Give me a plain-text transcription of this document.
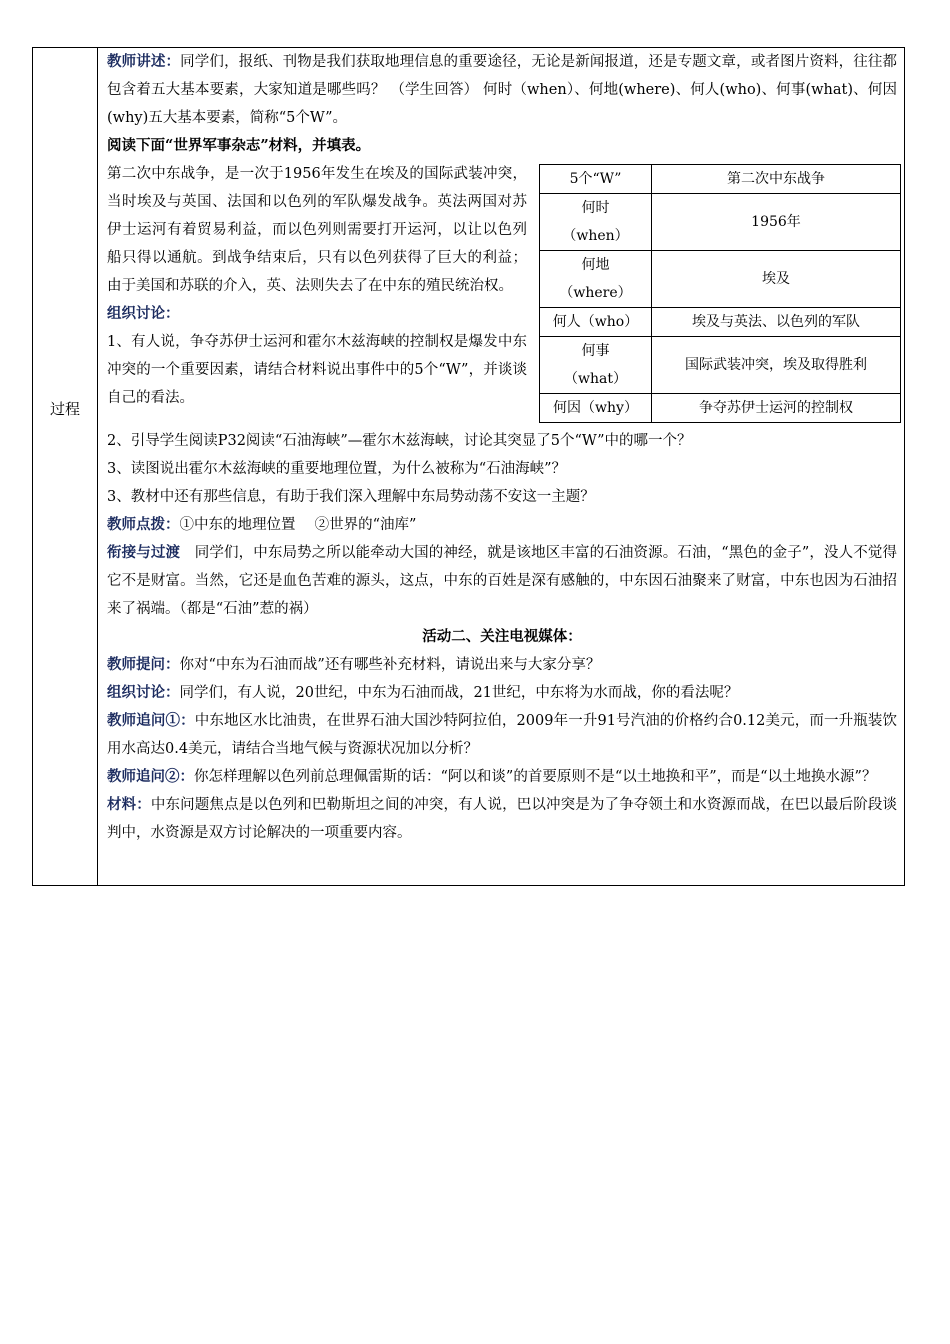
过程

教师讲述：同学们，报纸、刊物是我们获取地理信息的重要途径，无论是新闻报道，还是专题文章，或者图片资料，往往都包含着五大基本要素，大家知道是哪些吗？ （学生回答） 何时（when）、何地(where)、何人(who)、何事(what)、何因(why)五大基本要素，简称“5个W”。

阅读下面“世界军事杂志”材料，并填表。

5个“W”	第二次中东战争
何时
（when）	1956年
何地
（where）	埃及
何人（who）	埃及与英法、以色列的军队
何事
（what）	国际武装冲突，埃及取得胜利
何因（why）	争夺苏伊士运河的控制权

第二次中东战争，是一次于1956年发生在埃及的国际武装冲突，当时埃及与英国、法国和以色列的军队爆发战争。英法两国对苏伊士运河有着贸易利益，而以色列则需要打开运河，以让以色列船只得以通航。到战争结束后，只有以色列获得了巨大的利益；由于美国和苏联的介入，英、法则失去了在中东的殖民统治权。

组织讨论：

1、有人说，争夺苏伊士运河和霍尔木兹海峡的控制权是爆发中东冲突的一个重要因素，请结合材料说出事件中的5个“W”，并谈谈自己的看法。

2、引导学生阅读P32阅读“石油海峡”—霍尔木兹海峡，讨论其突显了5个“W”中的哪一个？

3、读图说出霍尔木兹海峡的重要地理位置，为什么被称为“石油海峡”？

3、教材中还有那些信息，有助于我们深入理解中东局势动荡不安这一主题？

教师点拨：①中东的地理位置　 ②世界的“油库”

衔接与过渡　同学们，中东局势之所以能牵动大国的神经，就是该地区丰富的石油资源。石油，“黑色的金子”，没人不觉得它不是财富。当然，它还是血色苦难的源头，这点，中东的百姓是深有感触的，中东因石油聚来了财富，中东也因为石油招来了祸端。（都是“石油”惹的祸）

活动二、关注电视媒体：

教师提问：你对“中东为石油而战”还有哪些补充材料，请说出来与大家分享？

组织讨论：同学们，有人说，20世纪，中东为石油而战，21世纪，中东将为水而战，你的看法呢？

教师追问①：中东地区水比油贵，在世界石油大国沙特阿拉伯，2009年一升91号汽油的价格约合0.12美元，而一升瓶装饮用水高达0.4美元，请结合当地气候与资源状况加以分析？

教师追问②：你怎样理解以色列前总理佩雷斯的话：“阿以和谈”的首要原则不是“以土地换和平”，而是“以土地换水源”？

材料：中东问题焦点是以色列和巴勒斯坦之间的冲突，有人说，巴以冲突是为了争夺领土和水资源而战，在巴以最后阶段谈判中，水资源是双方讨论解决的一项重要内容。
